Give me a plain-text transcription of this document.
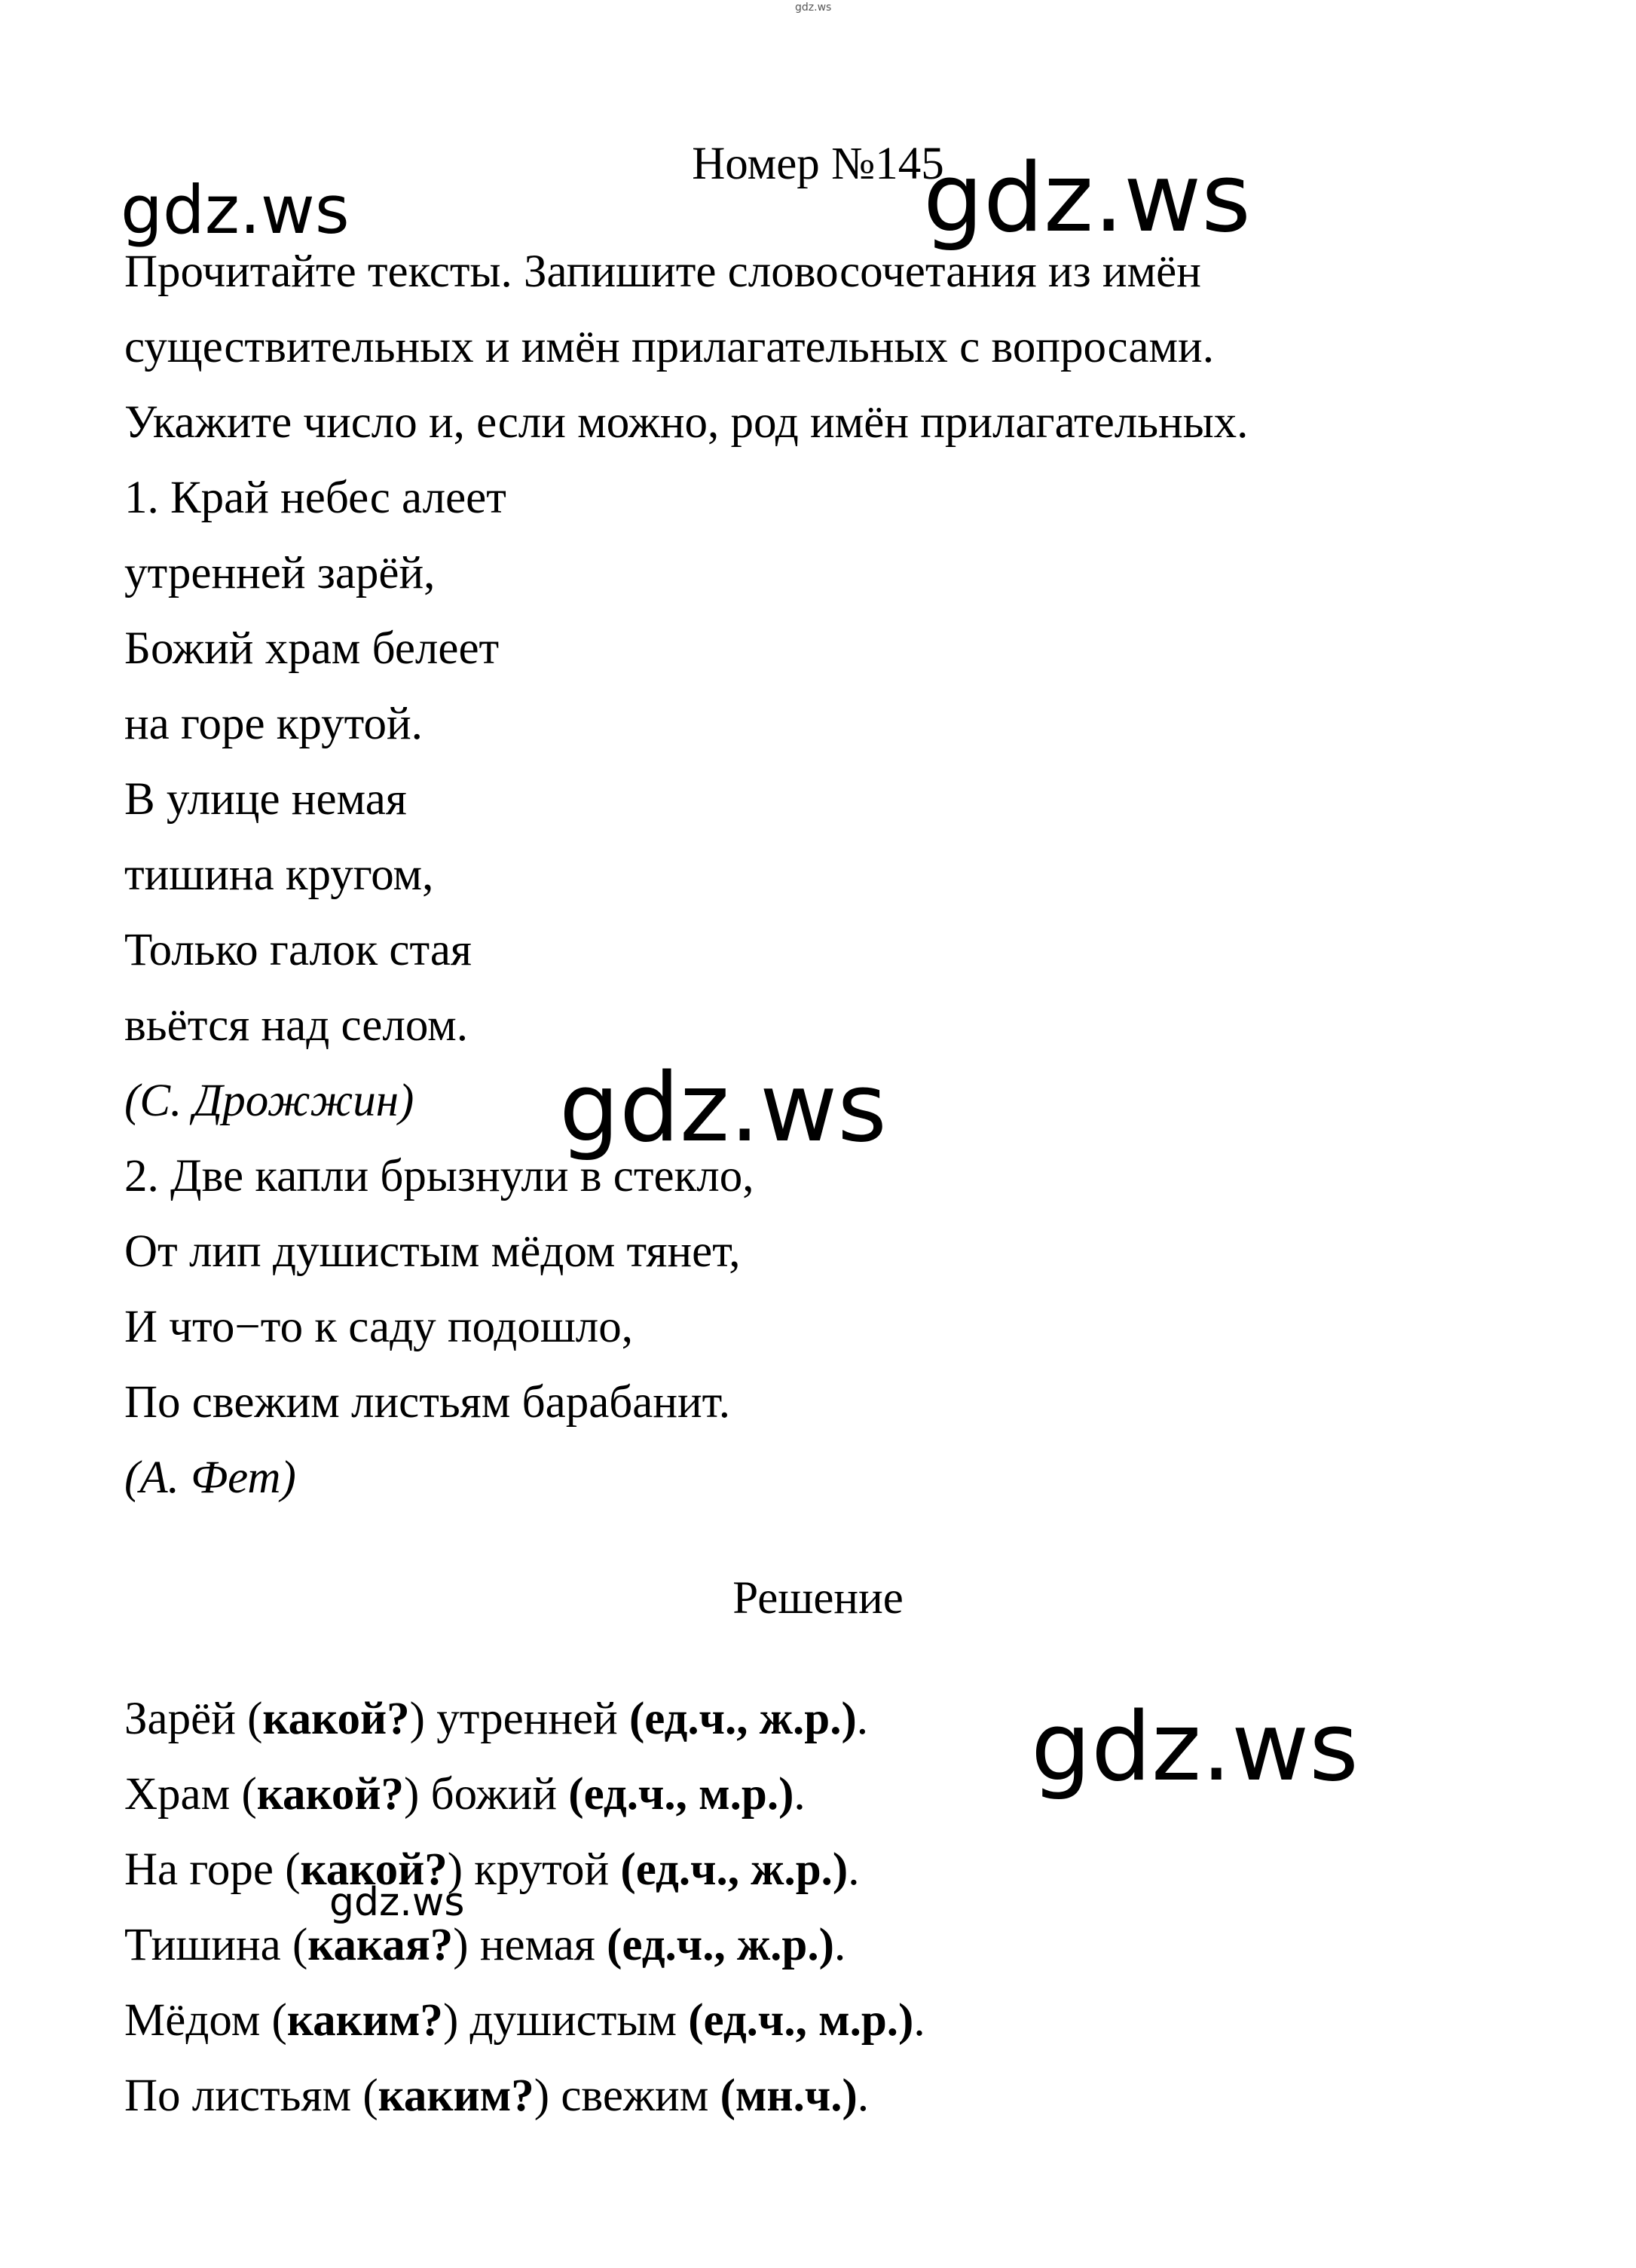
gdz.ws
gdz.ws	gdz.ws
gdz.ws
gdz.ws
gdz.ws
Номер №145
Прочитайте тексты. Запишите словосочетания из имён
существительных и имён прилагательных с вопросами.
Укажите число и, если можно, род имён прилагательных.
1. Край небес алеет
утренней зарёй,
Божий храм белеет
на горе крутой.
В улице немая
тишина кругом,
Только галок стая
вьётся над селом.
(С. Дрожжин)
2. Две капли брызнули в стекло,
От лип душистым мёдом тянет,
И что−то к саду подошло,
По свежим листьям барабанит.
(А. Фет)
Решение
Зарёй (какой?) утренней (ед.ч., ж.р.).
Храм (какой?) божий (ед.ч., м.р.).
На горе (какой?) крутой (ед.ч., ж.р.).
Тишина (какая?) немая (ед.ч., ж.р.).
Мёдом (каким?) душистым (ед.ч., м.р.).
По листьям (каким?) свежим (мн.ч.).
